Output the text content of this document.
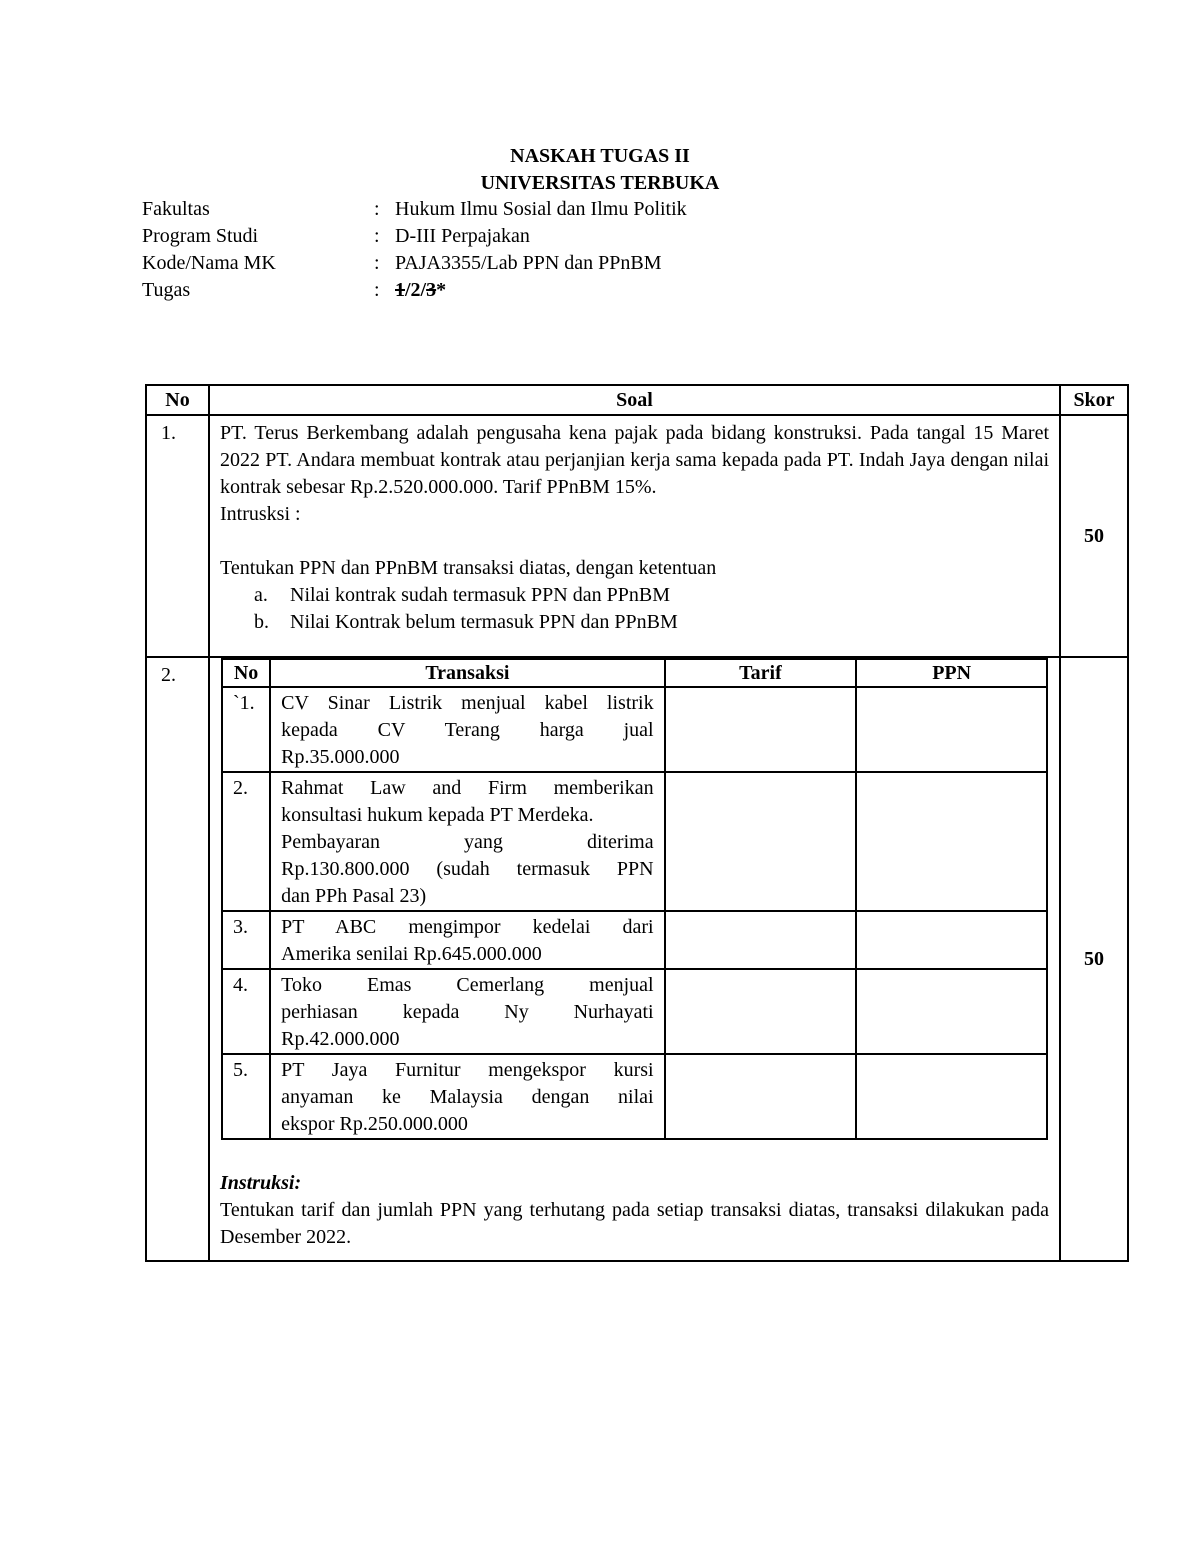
NASKAH TUGAS II
UNIVERSITAS TERBUKA
Fakultas	: Hukum Ilmu Sosial dan Ilmu Politik
Program Studi	: D-III Perpajakan
Kode/Nama MK	: PAJA3355/Lab PPN dan PPnBM
Tugas	: 1/2/3*
No	Soal	Skor
1.	PT. Terus Berkembang adalah pengusaha kena pajak pada bidang konstruksi. Pada tangal 15 Maret 2022 PT. Andara membuat kontrak atau perjanjian kerja sama kepada pada PT. Indah Jaya dengan nilai kontrak sebesar Rp.2.520.000.000. Tarif PPnBM 15%.

Intrusksi :

Tentukan PPN dan PPnBM transaksi diatas, dengan ketentuan

a.	Nilai kontrak sudah termasuk PPN dan PPnBM
b.	Nilai Kontrak belum termasuk PPN dan PPnBM
	50
2.		No	Transaksi	Tarif	PPN
`1.	CV Sinar Listrik menjual kabel listrik
kepada CV Terang harga jual
Rp.35.000.000

2.	Rahmat Law and Firm memberikan
konsultasi hukum kepada PT Merdeka.
Pembayaran yang diterima
Rp.130.800.000 (sudah termasuk PPN
dan PPh Pasal 23)

3.	PT ABC mengimpor kedelai dari
Amerika senilai Rp.645.000.000

4.	Toko Emas Cemerlang menjual
perhiasan kepada Ny Nurhayati
Rp.42.000.000

5.	PT Jaya Furnitur mengekspor kursi
anyaman ke Malaysia dengan nilai
ekspor Rp.250.000.000

Instruksi:
Tentukan tarif dan jumlah PPN yang terhutang pada setiap transaksi diatas, transaksi dilakukan pada Desember 2022.
	50
